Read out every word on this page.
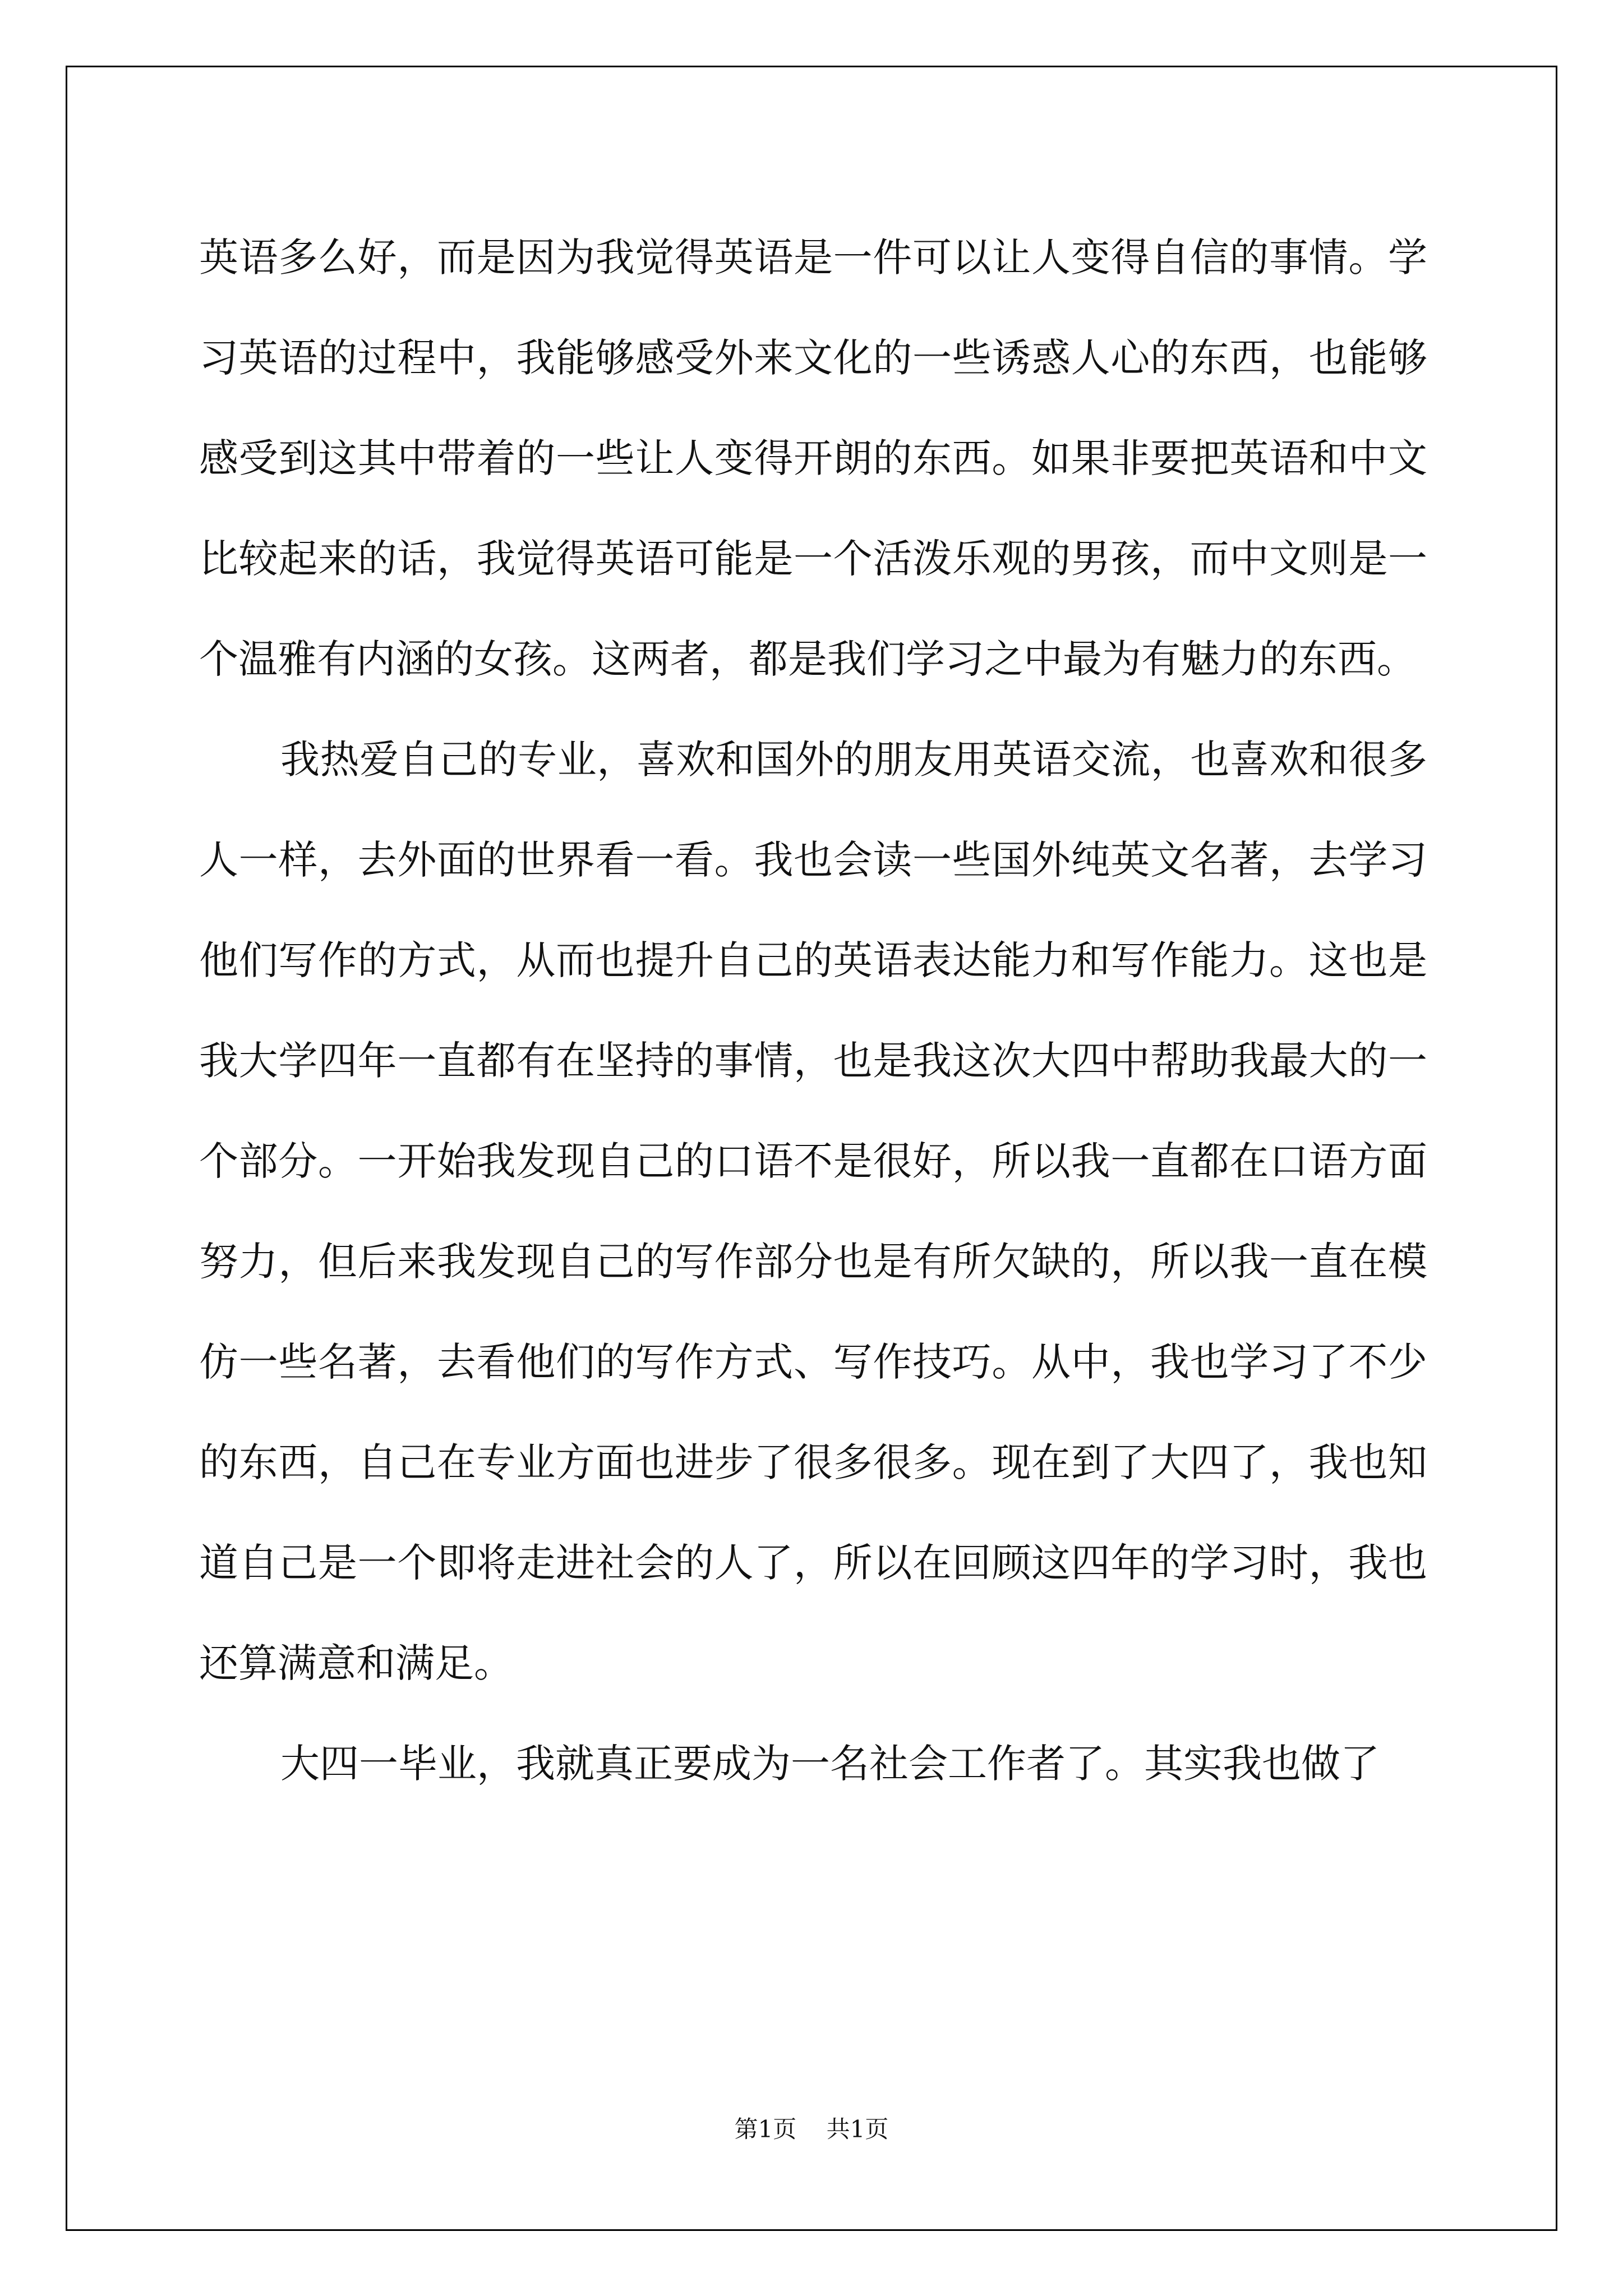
英语多么好，而是因为我觉得英语是一件可以让人变得自信的事情。学习英语的过程中，我能够感受外来文化的一些诱惑人心的东西，也能够感受到这其中带着的一些让人变得开朗的东西。如果非要把英语和中文比较起来的话，我觉得英语可能是一个活泼乐观的男孩，而中文则是一个温雅有内涵的女孩。这两者，都是我们学习之中最为有魅力的东西。

我热爱自己的专业，喜欢和国外的朋友用英语交流，也喜欢和很多人一样，去外面的世界看一看。我也会读一些国外纯英文名著，去学习他们写作的方式，从而也提升自己的英语表达能力和写作能力。这也是我大学四年一直都有在坚持的事情，也是我这次大四中帮助我最大的一个部分。一开始我发现自己的口语不是很好，所以我一直都在口语方面努力，但后来我发现自己的写作部分也是有所欠缺的，所以我一直在模仿一些名著，去看他们的写作方式、写作技巧。从中，我也学习了不少的东西，自己在专业方面也进步了很多很多。现在到了大四了，我也知道自己是一个即将走进社会的人了，所以在回顾这四年的学习时，我也还算满意和满足。

大四一毕业，我就真正要成为一名社会工作者了。其实我也做了

第1页 共1页
